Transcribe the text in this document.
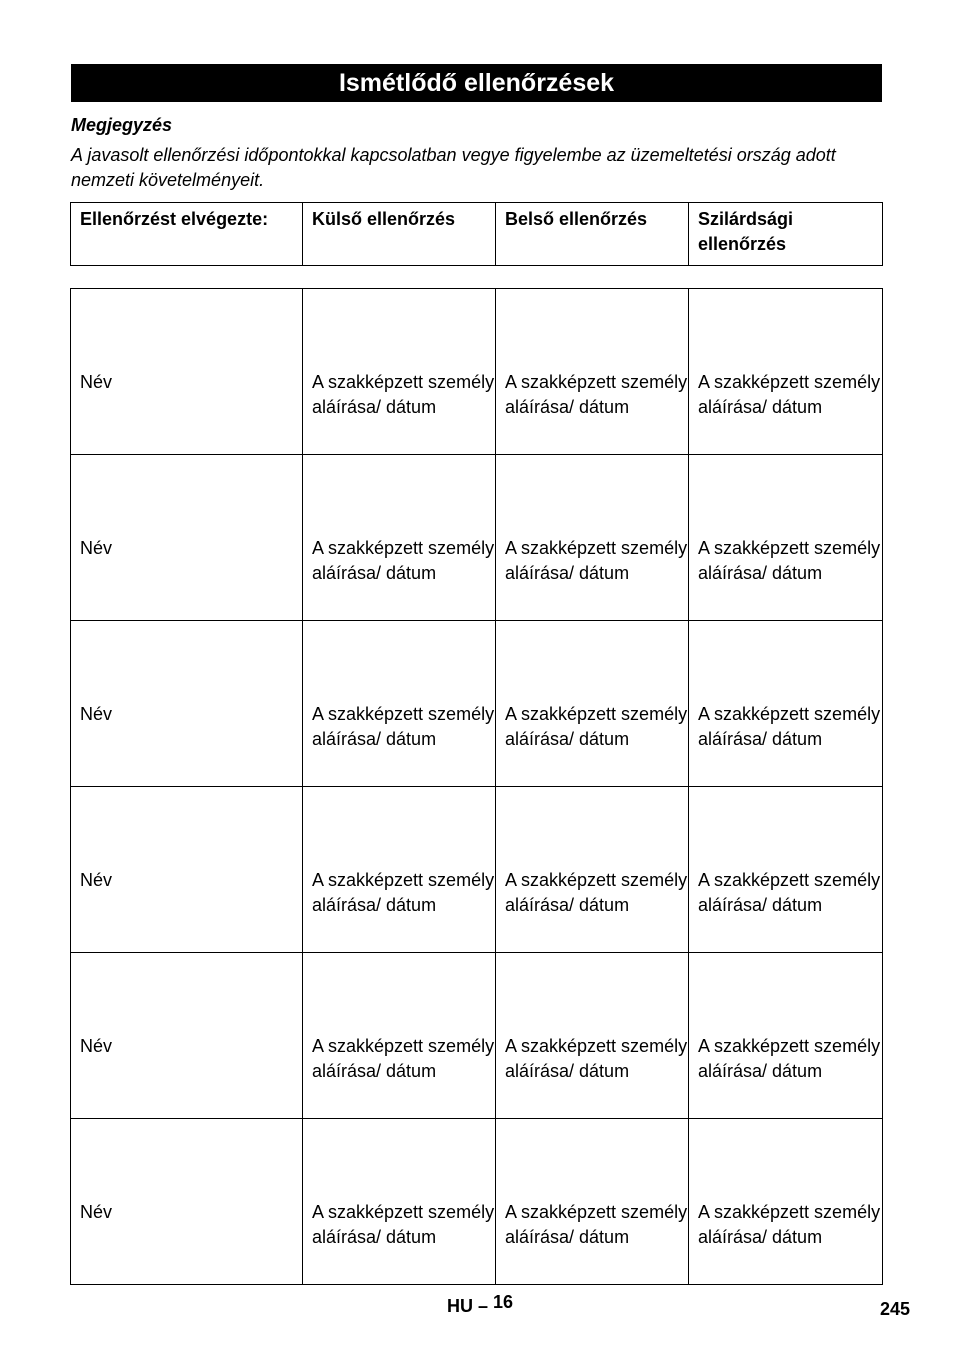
Ismétlődő ellenőrzések
Megjegyzés
A javasolt ellenőrzési időpontokkal kapcsolatban vegye figyelembe az üzemeltetési ország adott nemzeti követelményeit.
Ellenőrzést elvégezte:	Külső ellenőrzés	Belső ellenőrzés	Szilárdsági ellenőrzés
Név	A szakképzett személy aláírása/ dátum	A szakképzett személy aláírása/ dátum	A szakképzett személy aláírása/ dátum
Név	A szakképzett személy aláírása/ dátum	A szakképzett személy aláírása/ dátum	A szakképzett személy aláírása/ dátum
Név	A szakképzett személy aláírása/ dátum	A szakképzett személy aláírása/ dátum	A szakképzett személy aláírása/ dátum
Név	A szakképzett személy aláírása/ dátum	A szakképzett személy aláírása/ dátum	A szakképzett személy aláírása/ dátum
Név	A szakképzett személy aláírása/ dátum	A szakképzett személy aláírása/ dátum	A szakképzett személy aláírása/ dátum
Név	A szakképzett személy aláírása/ dátum	A szakképzett személy aláírása/ dátum	A szakképzett személy aláírása/ dátum
HU – 16	245
